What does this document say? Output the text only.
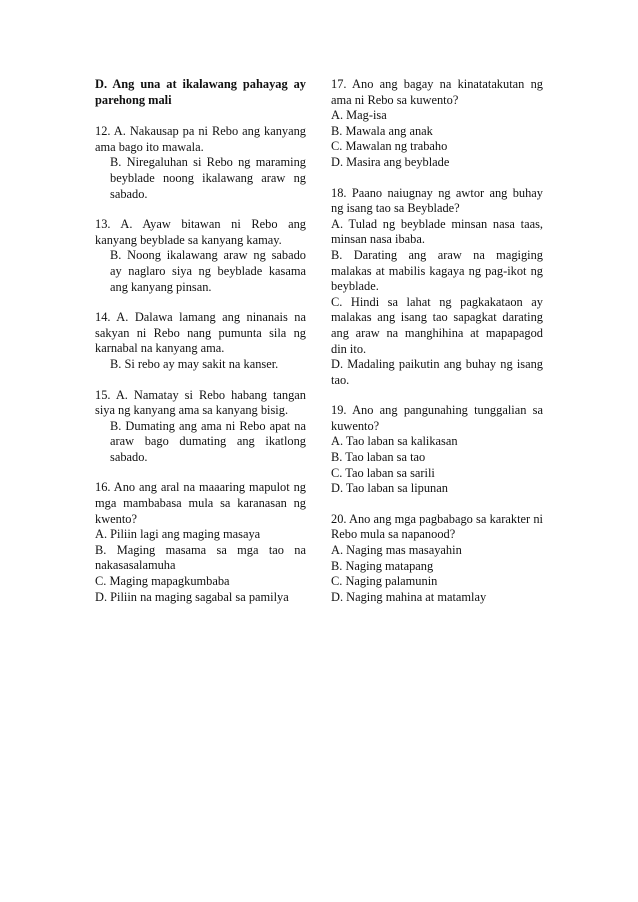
D. Ang una at ikalawang pahayag ay parehong mali

12. A. Nakausap pa ni Rebo ang kanyang ama bago ito mawala.

B. Niregaluhan si Rebo ng maraming beyblade noong ikalawang araw ng sabado.

13. A. Ayaw bitawan ni Rebo ang kanyang beyblade sa kanyang kamay.

B. Noong ikalawang araw ng sabado ay naglaro siya ng beyblade kasama ang kanyang pinsan.

14. A. Dalawa lamang ang ninanais na sakyan ni Rebo nang pumunta sila ng karnabal na kanyang ama.

B. Si rebo ay may sakit na kanser.

15. A. Namatay si Rebo habang tangan siya ng kanyang ama sa kanyang bisig.

B. Dumating ang ama ni Rebo apat na araw bago dumating ang ikatlong sabado.

16. Ano ang aral na maaaring mapulot ng mga mambabasa mula sa karanasan ng kwento?

A. Piliin lagi ang maging masaya

B. Maging masama sa mga tao na nakasasalamuha

C. Maging mapagkumbaba

D. Piliin na maging sagabal sa pamilya

17. Ano ang bagay na kinatatakutan ng ama ni Rebo sa kuwento?

A. Mag-isa

B. Mawala ang anak

C. Mawalan ng trabaho

D. Masira ang beyblade

18. Paano naiugnay ng awtor ang buhay ng isang tao sa Beyblade?

A. Tulad ng beyblade minsan nasa taas, minsan nasa ibaba.

B. Darating ang araw na magiging malakas at mabilis kagaya ng pag-ikot ng beyblade.

C. Hindi sa lahat ng pagkakataon ay malakas ang isang tao sapagkat darating ang araw na manghihina at mapapagod din ito.

D. Madaling paikutin ang buhay ng isang tao.

19. Ano ang pangunahing tunggalian sa kuwento?

A. Tao laban sa kalikasan

B. Tao laban sa tao

C. Tao laban sa sarili

D. Tao laban sa lipunan

20. Ano ang mga pagbabago sa karakter ni Rebo mula sa napanood?

A. Naging mas masayahin

B. Naging matapang

C. Naging palamunin

D. Naging mahina at matamlay
